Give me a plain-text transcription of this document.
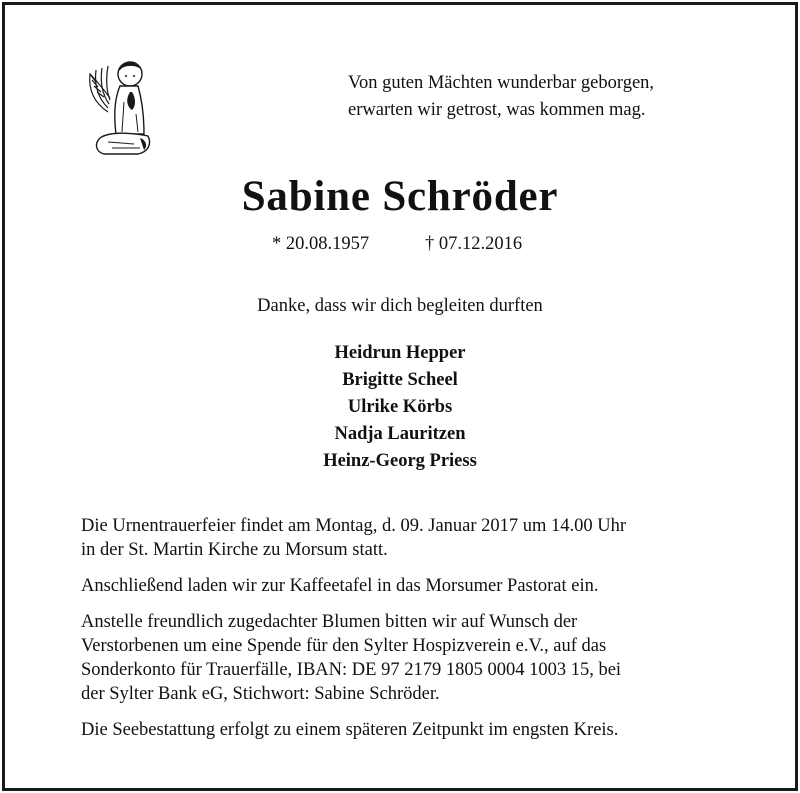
Von guten Mächten wunderbar geborgen,
erwarten wir getrost, was kommen mag.
Sabine Schröder
* 20.08.1957	† 07.12.2016
Danke, dass wir dich begleiten durften
Heidrun Hepper
Brigitte Scheel
Ulrike Körbs
Nadja Lauritzen
Heinz-Georg Priess

Die Urnentrauerfeier findet am Montag, d. 09. Januar 2017 um 14.00 Uhr
in der St. Martin Kirche zu Morsum statt.

Anschließend laden wir zur Kaffeetafel in das Morsumer Pastorat ein.

Anstelle freundlich zugedachter Blumen bitten wir auf Wunsch der
Verstorbenen um eine Spende für den Sylter Hospizverein e.V., auf das
Sonderkonto für Trauerfälle, IBAN: DE 97 2179 1805 0004 1003 15, bei
der Sylter Bank eG, Stichwort: Sabine Schröder.

Die Seebestattung erfolgt zu einem späteren Zeitpunkt im engsten Kreis.
